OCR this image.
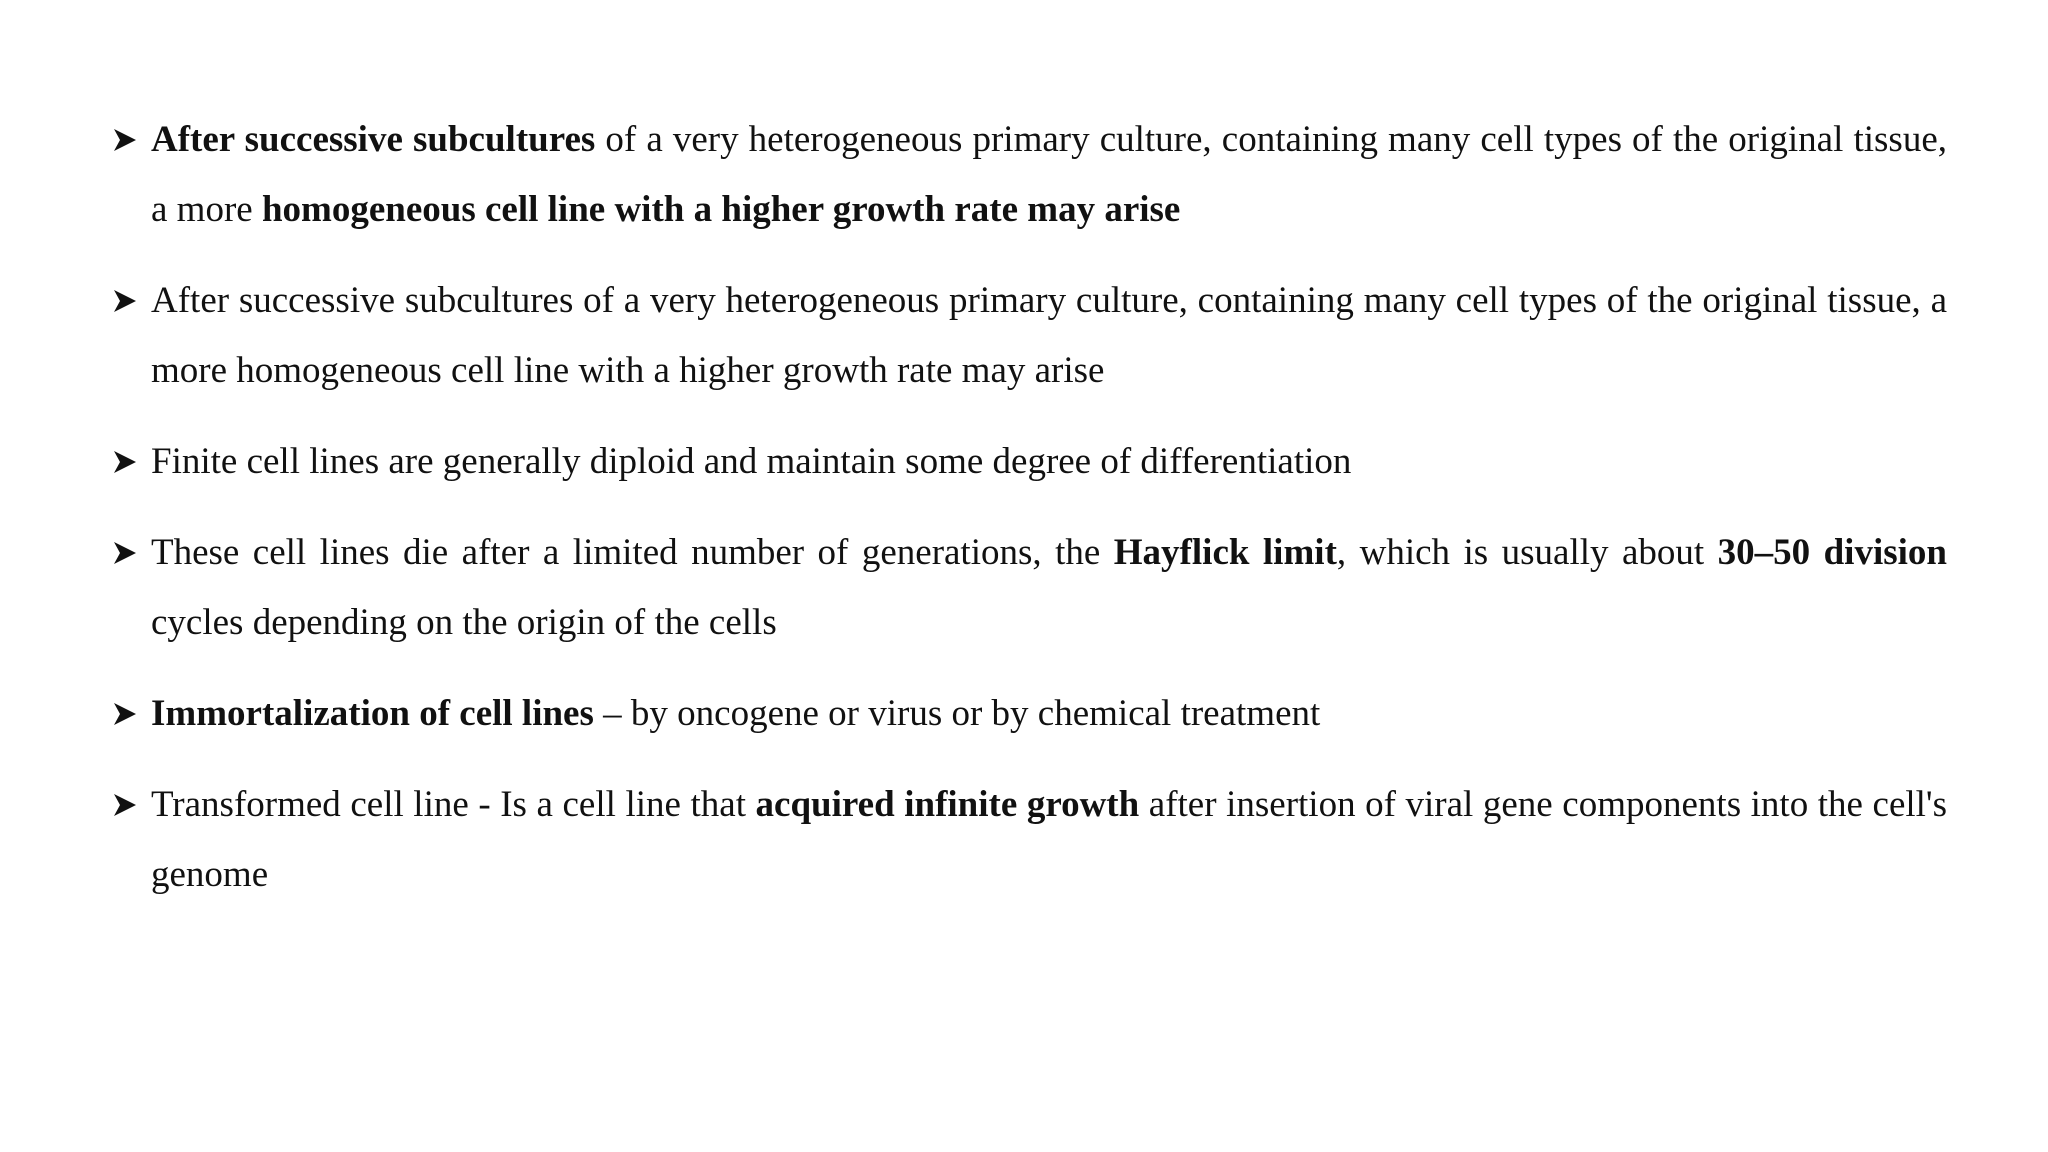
After successive subcultures of a very heterogeneous primary culture, containing many cell types of the original tissue, a more homogeneous cell line with a higher growth rate may arise
After successive subcultures of a very heterogeneous primary culture, containing many cell types of the original tissue, a more homogeneous cell line with a higher growth rate may arise
Finite cell lines are generally diploid and maintain some degree of differentiation
These cell lines die after a limited number of generations, the Hayflick limit, which is usually about 30–50 division cycles depending on the origin of the cells
Immortalization of cell lines – by oncogene or virus or by chemical treatment
Transformed cell line - Is a cell line that acquired infinite growth after insertion of viral gene components into the cell's genome
